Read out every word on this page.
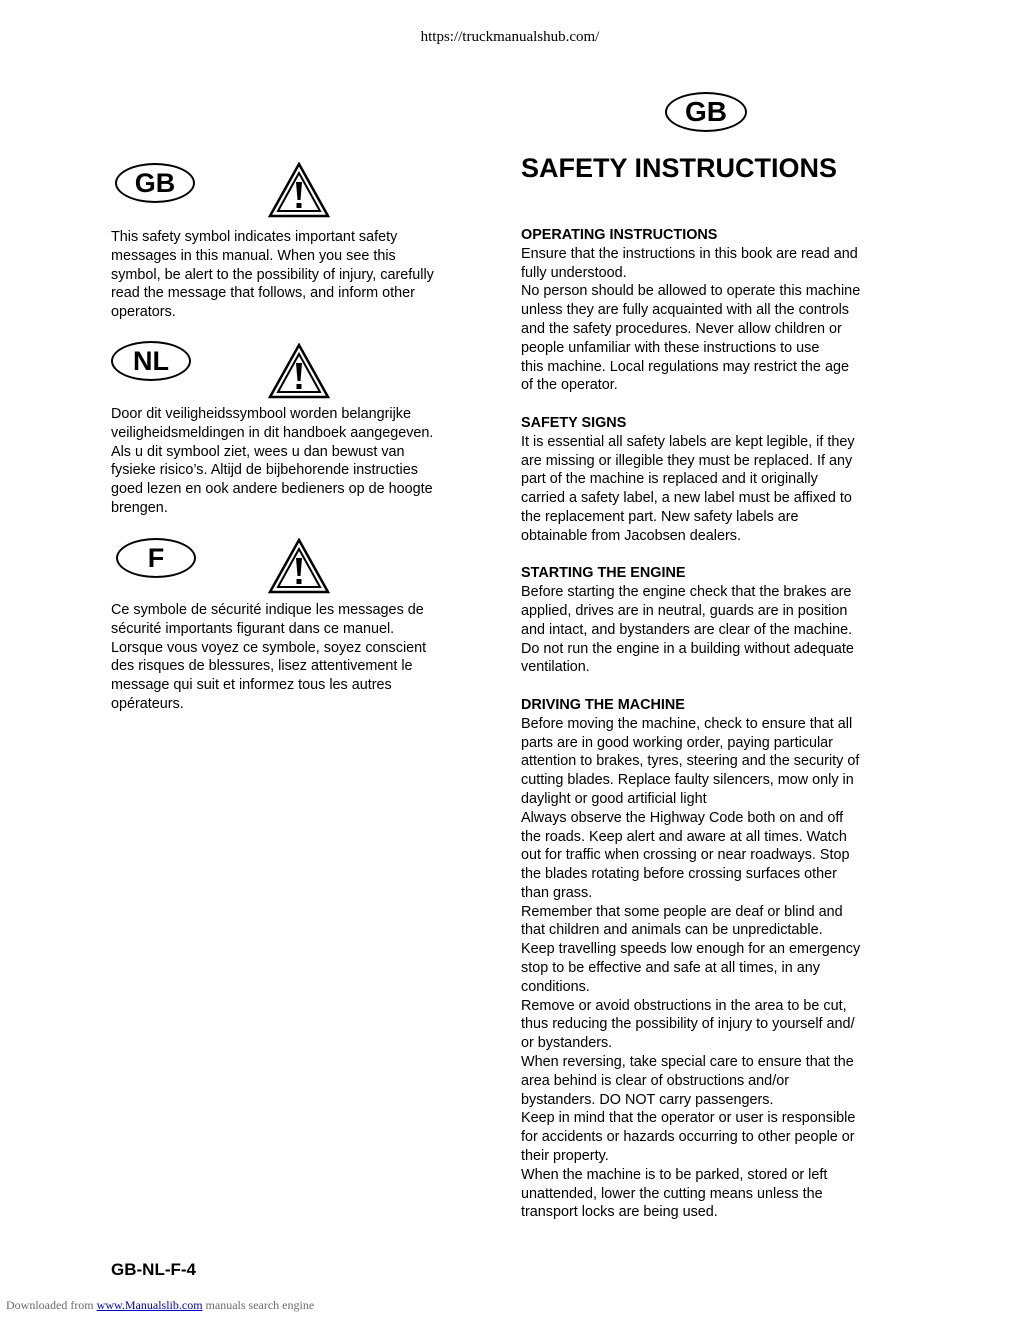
https://truckmanualshub.com/
GB
GB

This safety symbol indicates important safety
messages in this manual. When you see this
symbol, be alert to the possibility of injury, carefully
read the message that follows, and inform other
operators.

NL

Door dit veiligheidssymbool worden belangrijke
veiligheidsmeldingen in dit handboek aangegeven.
Als u dit symbool ziet, wees u dan bewust van
fysieke risico’s. Altijd de bijbehorende instructies
goed lezen en ook andere bedieners op de hoogte
brengen.

F

Ce symbole de sécurité indique les messages de
sécurité importants figurant dans ce manuel.
Lorsque vous voyez ce symbole, soyez conscient
des risques de blessures, lisez attentivement le
message qui suit et informez tous les autres
opérateurs.

SAFETY INSTRUCTIONS

OPERATING INSTRUCTIONS

Ensure that the instructions in this book are read and
fully understood.
No person should be allowed to operate this machine
unless they are fully acquainted with all the controls
and the safety procedures. Never allow children or
people unfamiliar with these instructions to use
this machine. Local regulations may restrict the age
of the operator.

SAFETY SIGNS

It is essential all safety labels are kept legible, if they
are missing or illegible they must be replaced. If any
part of the machine is replaced and it originally
carried a safety label, a new label must be affixed to
the replacement part. New safety labels are
obtainable from Jacobsen dealers.

STARTING THE ENGINE

Before starting the engine check that the brakes are
applied, drives are in neutral, guards are in position
and intact, and bystanders are clear of the machine.
Do not run the engine in a building without adequate
ventilation.

DRIVING THE MACHINE

Before moving the machine, check to ensure that all
parts are in good working order, paying particular
attention to brakes, tyres, steering and the security of
cutting blades. Replace faulty silencers, mow only in
daylight or good artificial light
Always observe the Highway Code both on and off
the roads. Keep alert and aware at all times. Watch
out for traffic when crossing or near roadways. Stop
the blades rotating before crossing surfaces other
than grass.
Remember that some people are deaf or blind and
that children and animals can be unpredictable.
Keep travelling speeds low enough for an emergency
stop to be effective and safe at all times, in any
conditions.
Remove or avoid obstructions in the area to be cut,
thus reducing the possibility of injury to yourself and/
or bystanders.
When reversing, take special care to ensure that the
area behind is clear of obstructions and/or
bystanders. DO NOT carry passengers.
Keep in mind that the operator or user is responsible
for accidents or hazards occurring to other people or
their property.
When the machine is to be parked, stored or left
unattended, lower the cutting means unless the
transport locks are being used.

GB-NL-F-4
Downloaded from www.Manualslib.com manuals search engine
